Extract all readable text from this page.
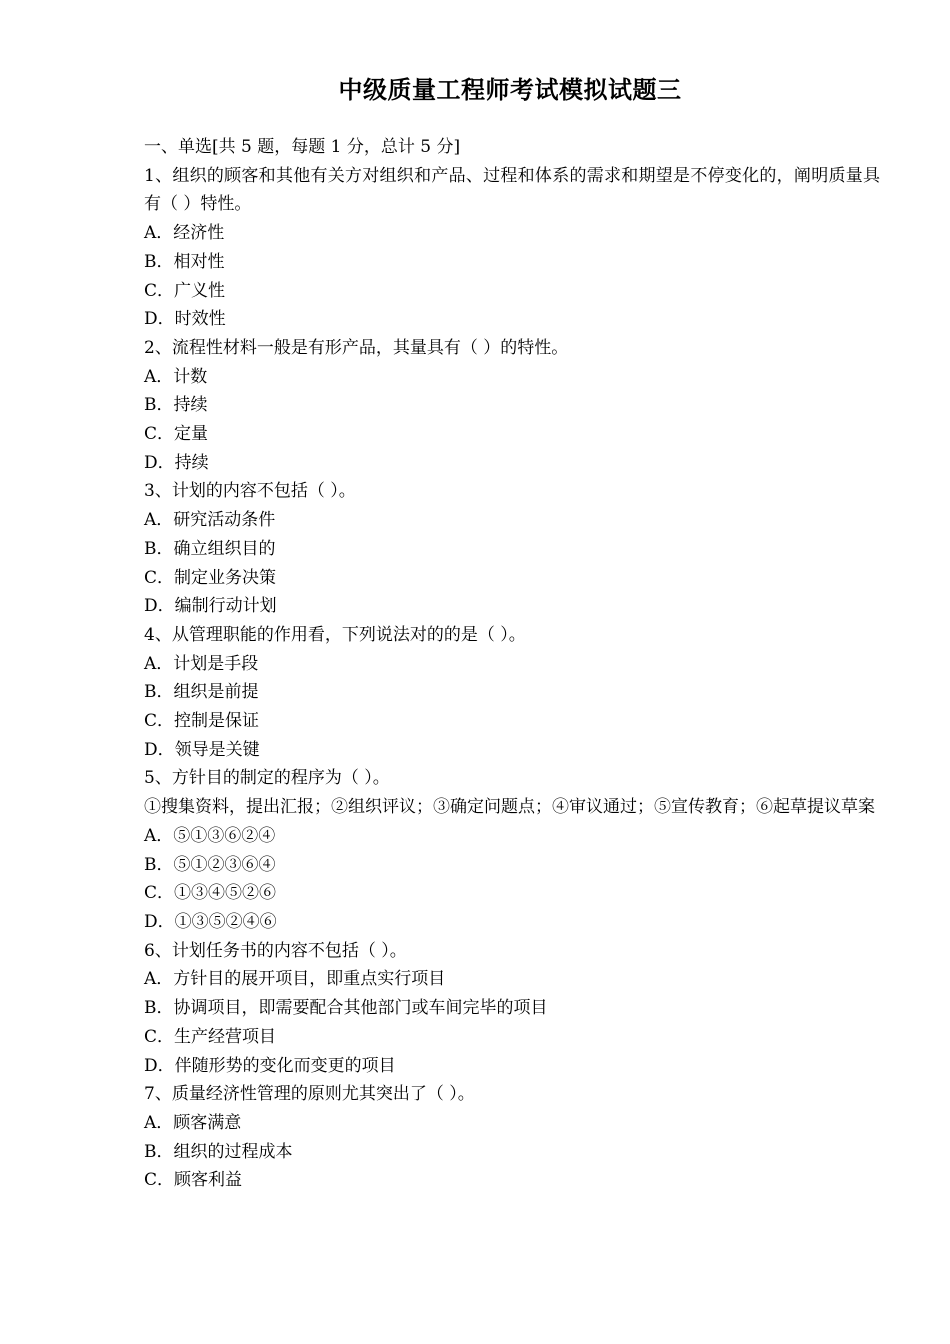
中级质量工程师考试模拟试题三
一、单选[共 5 题，每题 1 分，总计 5 分]
1、组织的顾客和其他有关方对组织和产品、过程和体系的需求和期望是不停变化的，阐明质量具有（ ）特性。
A．经济性
B．相对性
C．广义性
D．时效性
2、流程性材料一般是有形产品，其量具有（ ）的特性。
A．计数
B．持续
C．定量
D．持续
3、计划的内容不包括（ ）。
A．研究活动条件
B．确立组织目的
C．制定业务决策
D．编制行动计划
4、从管理职能的作用看，下列说法对的的是（ ）。
A．计划是手段
B．组织是前提
C．控制是保证
D．领导是关键
5、方针目的制定的程序为（ ）。
①搜集资料，提出汇报；②组织评议；③确定问题点；④审议通过；⑤宣传教育；⑥起草提议草案
A．⑤①③⑥②④
B．⑤①②③⑥④
C．①③④⑤②⑥
D．①③⑤②④⑥
6、计划任务书的内容不包括（ ）。
A．方针目的展开项目，即重点实行项目
B．协调项目，即需要配合其他部门或车间完毕的项目
C．生产经营项目
D．伴随形势的变化而变更的项目
7、质量经济性管理的原则尤其突出了（ ）。
A．顾客满意
B．组织的过程成本
C．顾客利益
